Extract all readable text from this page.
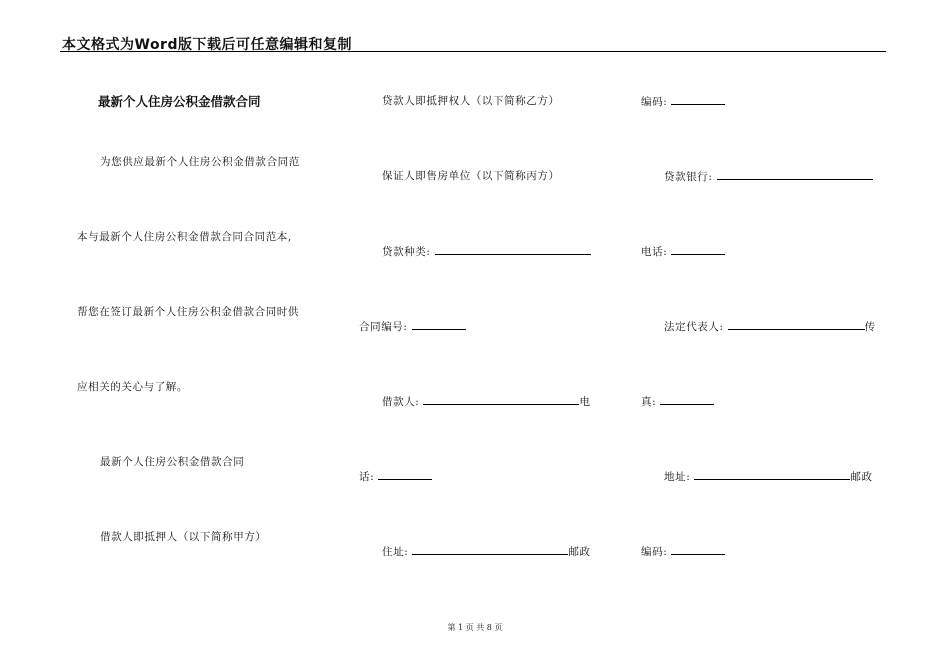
本文格式为Word版下载后可任意编辑和复制
最新个人住房公积金借款合同
为您供应最新个人住房公积金借款合同范
本与最新个人住房公积金借款合同合同范本,
帮您在签订最新个人住房公积金借款合同时供
应相关的关心与了解。
最新个人住房公积金借款合同
借款人即抵押人（以下简称甲方）
贷款人即抵押权人（以下简称乙方）
保证人即售房单位（以下简称丙方）
贷款种类:
合同编号:
借款人:	电
话:
住址:	邮政
编码:
贷款银行:
电话:
法定代表人:	传
真:
地址:	邮政
编码:
第 1 页 共 8 页
